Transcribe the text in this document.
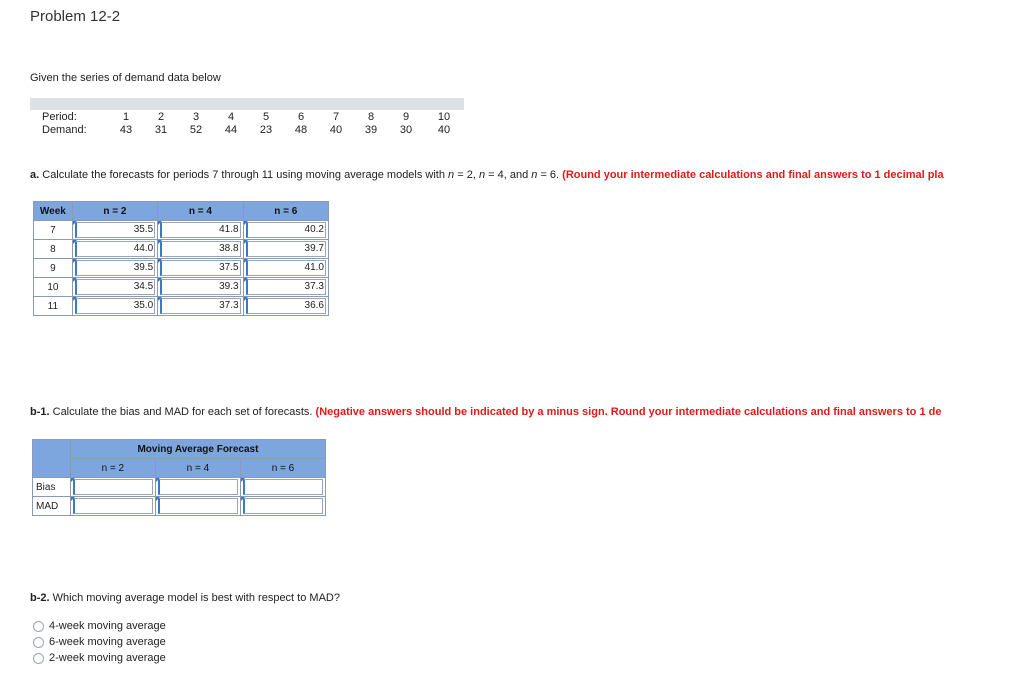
Problem 12-2
Given the series of demand data below
Period:	1	2	3	4	5	6	7	8	9	10
Demand:	43	31	52	44	23	48	40	39	30	40
a. Calculate the forecasts for periods 7 through 11 using moving average models with n = 2, n = 4, and n = 6. (Round your intermediate calculations and final answers to 1 decimal pla
Week	n = 2	n = 4	n = 6
7	35.5	41.8	40.2

8	44.0	38.8	39.7

9	39.5	37.5	41.0

10	34.5	39.3	37.3

11	35.0	37.3	36.6
b-1. Calculate the bias and MAD for each set of forecasts. (Negative answers should be indicated by a minus sign. Round your intermediate calculations and final answers to 1 de
	Moving Average Forecast		
	n = 2	n = 4	n = 6
Bias	

MAD	

b-2. Which moving average model is best with respect to MAD?
4-week moving average
6-week moving average
2-week moving average
